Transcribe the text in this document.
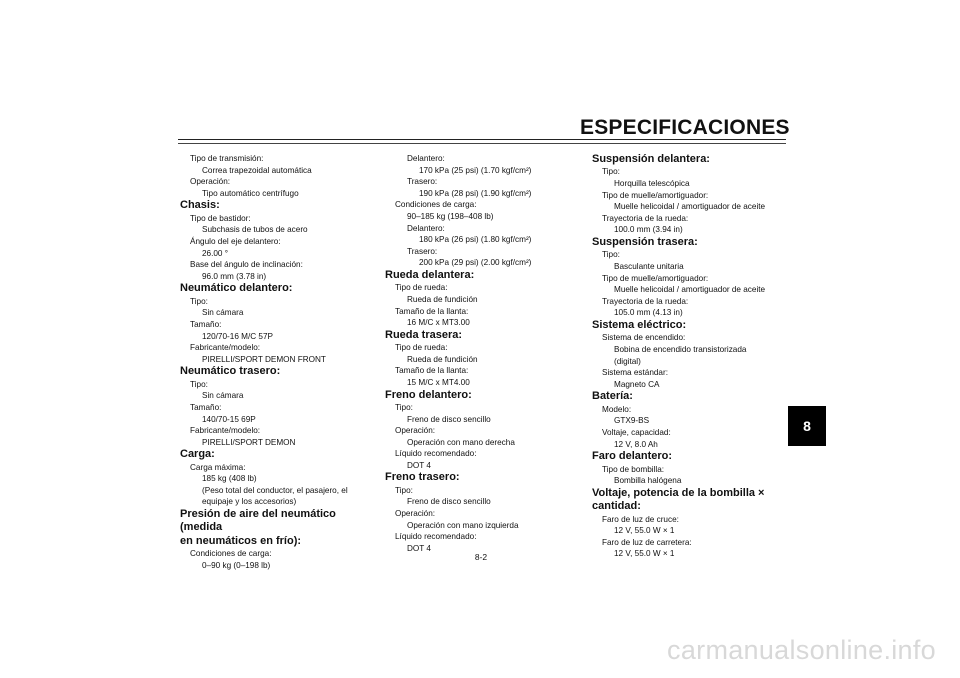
ESPECIFICACIONES
Tipo de transmisión:
Correa trapezoidal automática
Operación:
Tipo automático centrífugo
Chasis:
Tipo de bastidor:
Subchasis de tubos de acero
Ángulo del eje delantero:
26.00 °
Base del ángulo de inclinación:
96.0 mm (3.78 in)
Neumático delantero:
Tipo:
Sin cámara
Tamaño:
120/70-16 M/C 57P
Fabricante/modelo:
PIRELLI/SPORT DEMON FRONT
Neumático trasero:
Tipo:
Sin cámara
Tamaño:
140/70-15 69P
Fabricante/modelo:
PIRELLI/SPORT DEMON
Carga:
Carga máxima:
185 kg (408 lb)
(Peso total del conductor, el pasajero, el
equipaje y los accesorios)
Presión de aire del neumático (medida
en neumáticos en frío):
Condiciones de carga:
0–90 kg (0–198 lb)
Delantero:
170 kPa (25 psi) (1.70 kgf/cm²)
Trasero:
190 kPa (28 psi) (1.90 kgf/cm²)
Condiciones de carga:
90–185 kg (198–408 lb)
Delantero:
180 kPa (26 psi) (1.80 kgf/cm²)
Trasero:
200 kPa (29 psi) (2.00 kgf/cm²)
Rueda delantera:
Tipo de rueda:
Rueda de fundición
Tamaño de la llanta:
16 M/C x MT3.00
Rueda trasera:
Tipo de rueda:
Rueda de fundición
Tamaño de la llanta:
15 M/C x MT4.00
Freno delantero:
Tipo:
Freno de disco sencillo
Operación:
Operación con mano derecha
Líquido recomendado:
DOT 4
Freno trasero:
Tipo:
Freno de disco sencillo
Operación:
Operación con mano izquierda
Líquido recomendado:
DOT 4
Suspensión delantera:
Tipo:
Horquilla telescópica
Tipo de muelle/amortiguador:
Muelle helicoidal / amortiguador de aceite
Trayectoria de la rueda:
100.0 mm (3.94 in)
Suspensión trasera:
Tipo:
Basculante unitaria
Tipo de muelle/amortiguador:
Muelle helicoidal / amortiguador de aceite
Trayectoria de la rueda:
105.0 mm (4.13 in)
Sistema eléctrico:
Sistema de encendido:
Bobina de encendido transistorizada
(digital)
Sistema estándar:
Magneto CA
Batería:
Modelo:
GTX9-BS
Voltaje, capacidad:
12 V, 8.0 Ah
Faro delantero:
Tipo de bombilla:
Bombilla halógena
Voltaje, potencia de la bombilla ×
cantidad:
Faro de luz de cruce:
12 V, 55.0 W × 1
Faro de luz de carretera:
12 V, 55.0 W × 1
8
8-2
carmanualsonline.info
